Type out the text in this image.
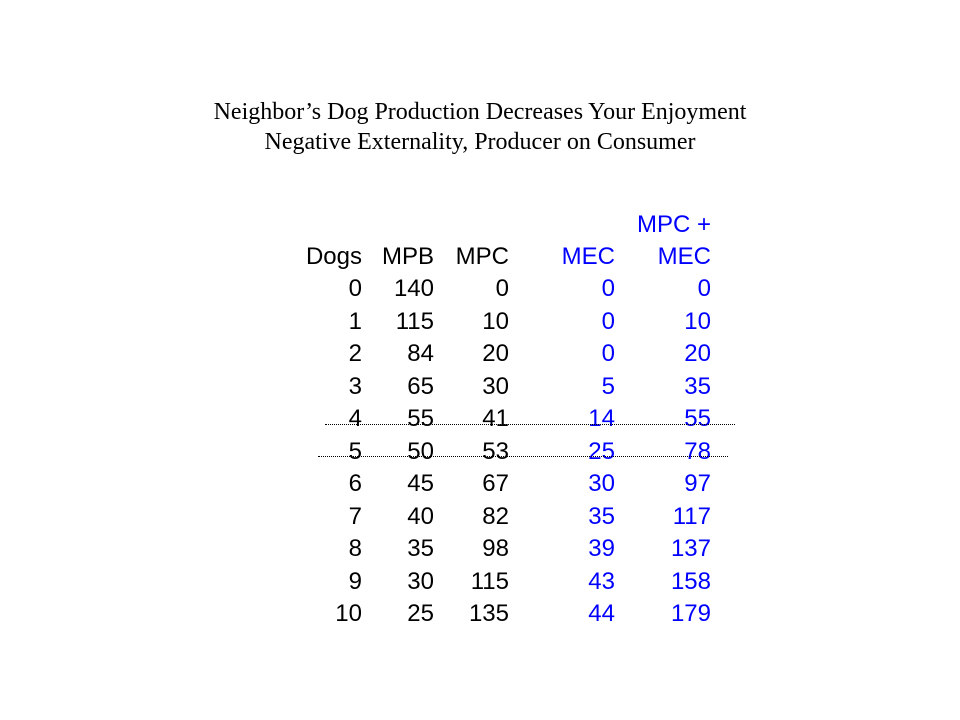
Neighbor’s Dog Production Decreases Your Enjoyment
Negative Externality, Producer on Consumer
MPC +
Dogs MPB MPC MEC MEC
0 140	0	0	0
1 115 10	0	10
2 84 20	0	20
3 65 30	5	35
4 55 41	14	55
5 50 53	25	78
6 45 67	30	97
7 40 82	35 117
8 35 98	39 137
9 30 115	43 158
10 25 135	44 179
